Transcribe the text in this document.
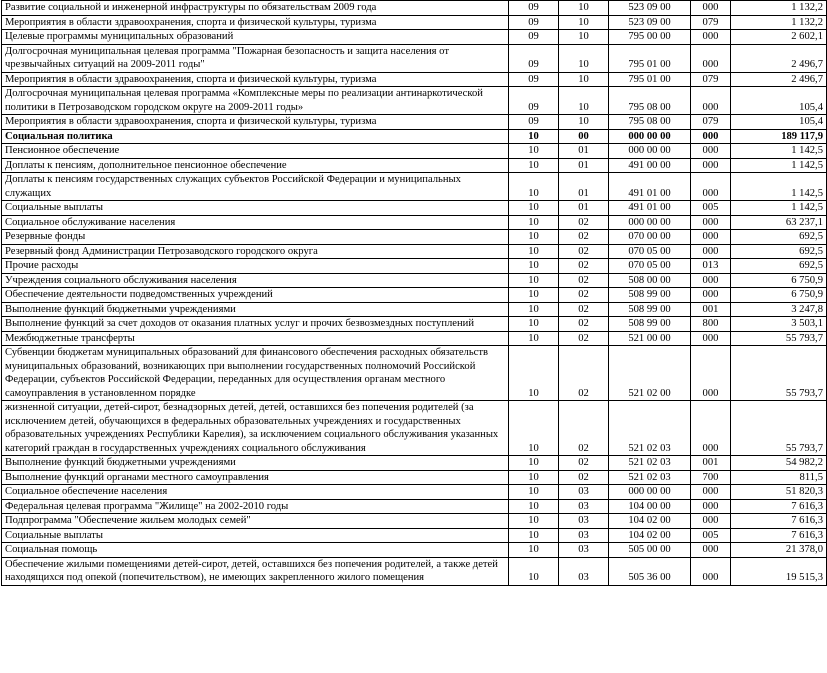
Развитие социальной и инженерной инфраструктуры по обязательствам 2009 года	09	10	523 09 00	000	1 132,2
Мероприятия в области здравоохранения, спорта и физической культуры, туризма	09	10	523 09 00	079	1 132,2
Целевые программы муниципальных образований	09	10	795 00 00	000	2 602,1
Долгосрочная муниципальная целевая программа "Пожарная безопасность и защита населения от чрезвычайных ситуаций на 2009-2011 годы"	09	10	795 01 00	000	2 496,7
Мероприятия в области здравоохранения, спорта и физической культуры, туризма	09	10	795 01 00	079	2 496,7
Долгосрочная муниципальная целевая программа «Комплексные меры по реализации антинаркотической политики в Петрозаводском городском округе на 2009-2011 годы»	09	10	795 08 00	000	105,4
Мероприятия в области здравоохранения, спорта и физической культуры, туризма	09	10	795 08 00	079	105,4
Социальная политика	10	00	000 00 00	000	189 117,9
Пенсионное обеспечение	10	01	000 00 00	000	1 142,5
Доплаты к пенсиям, дополнительное пенсионное обеспечение	10	01	491 00 00	000	1 142,5
Доплаты к пенсиям государственных служащих субъектов Российской Федерации и муниципальных служащих	10	01	491 01 00	000	1 142,5
Социальные выплаты	10	01	491 01 00	005	1 142,5
Социальное обслуживание населения	10	02	000 00 00	000	63 237,1
Резервные фонды	10	02	070 00 00	000	692,5
Резервный фонд Администрации Петрозаводского городского округа	10	02	070 05 00	000	692,5
Прочие расходы	10	02	070 05 00	013	692,5
Учреждения социального обслуживания населения	10	02	508 00 00	000	6 750,9
Обеспечение деятельности подведомственных учреждений	10	02	508 99 00	000	6 750,9
Выполнение функций бюджетными учреждениями	10	02	508 99 00	001	3 247,8
Выполнение функций за счет доходов от оказания платных услуг и прочих безвозмездных поступлений	10	02	508 99 00	800	3 503,1
Межбюджетные трансферты	10	02	521 00 00	000	55 793,7
Субвенции бюджетам муниципальных образований для финансового обеспечения расходных обязательств муниципальных образований, возникающих при выполнении государственных полномочий Российской Федерации, субъектов Российской Федерации, переданных для осуществления органам местного самоуправления в установленном порядке	10	02	521 02 00	000	55 793,7
жизненной ситуации, детей-сирот, безнадзорных детей, детей, оставшихся без попечения родителей (за исключением детей, обучающихся в федеральных образовательных учреждениях и государственных образовательных учреждениях Республики Карелия), за исключением социального обслуживания указанных категорий граждан в государственных учреждениях социального обслуживания	10	02	521 02 03	000	55 793,7
Выполнение функций бюджетными учреждениями	10	02	521 02 03	001	54 982,2
Выполнение функций органами местного самоуправления	10	02	521 02 03	700	811,5
Социальное обеспечение населения	10	03	000 00 00	000	51 820,3
Федеральная целевая программа "Жилище" на 2002-2010 годы	10	03	104 00 00	000	7 616,3
Подпрограмма "Обеспечение жильем молодых семей"	10	03	104 02 00	000	7 616,3
Социальные выплаты	10	03	104 02 00	005	7 616,3
Социальная помощь	10	03	505 00 00	000	21 378,0
Обеспечение жилыми помещениями детей-сирот, детей, оставшихся без попечения родителей, а также детей находящихся под опекой (попечительством), не имеющих закрепленного жилого помещения	10	03	505 36 00	000	19 515,3
